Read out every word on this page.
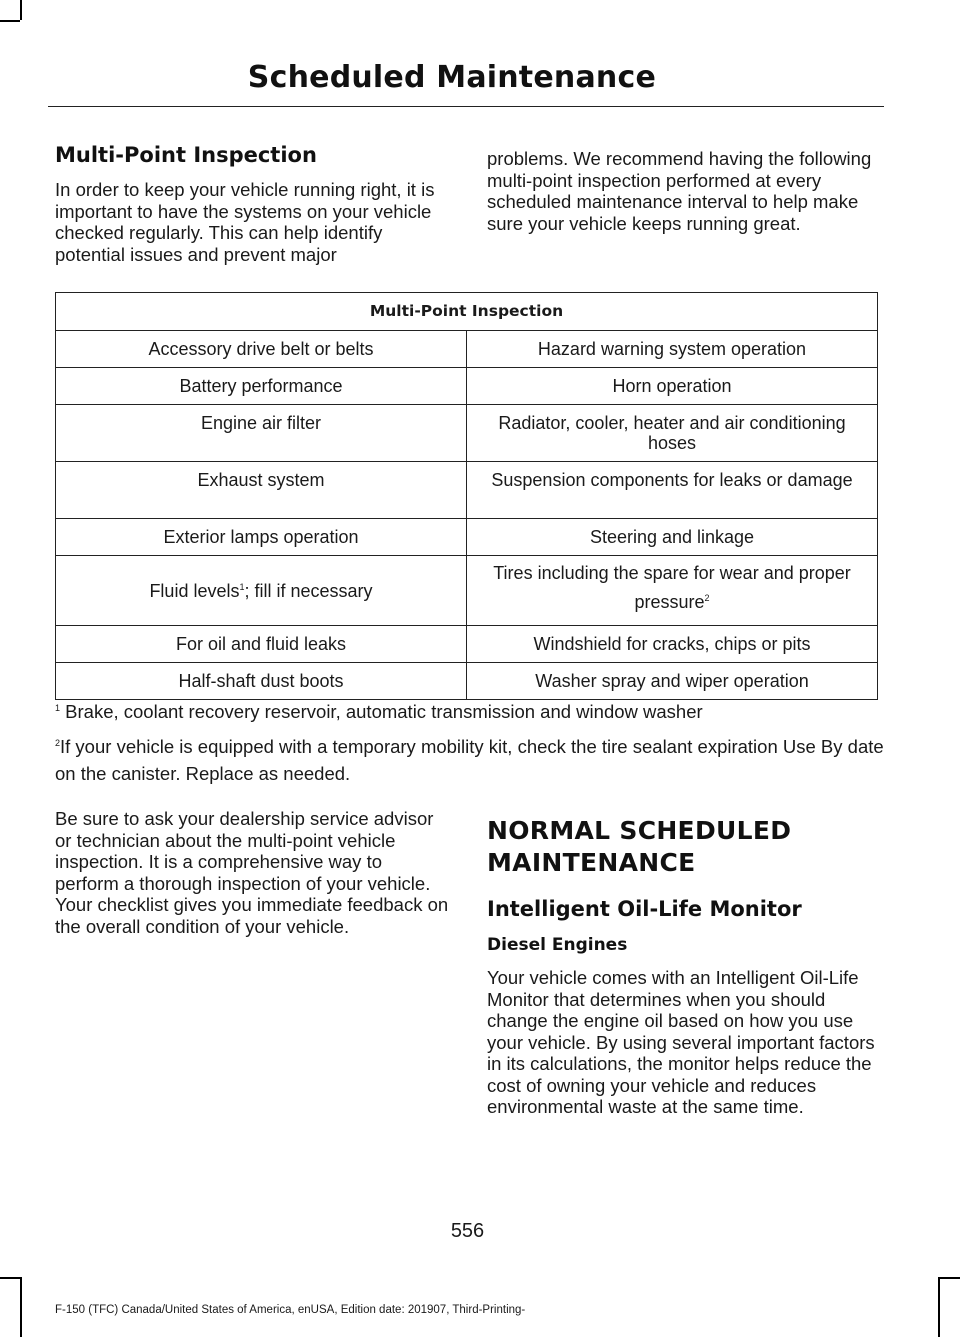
Scheduled Maintenance
Multi-Point Inspection

In order to keep your vehicle running right, it is important to have the systems on your vehicle checked regularly. This can help identify potential issues and prevent major

problems. We recommend having the following multi-point inspection performed at every scheduled maintenance interval to help make sure your vehicle keeps running great.

Multi-Point Inspection	
Accessory drive belt or belts	Hazard warning system operation
Battery performance	Horn operation
Engine air filter	Radiator, cooler, heater and air conditioning hoses
Exhaust system	Suspension components for leaks or damage
Exterior lamps operation	Steering and linkage
Fluid levels$^1$; fill if necessary	Tires including the spare for wear and proper pressure$^2$
For oil and fluid leaks	Windshield for cracks, chips or pits
Half-shaft dust boots	Washer spray and wiper operation
$^1$ Brake, coolant recovery reservoir, automatic transmission and window washer
$^2$If your vehicle is equipped with a temporary mobility kit, check the tire sealant expiration Use By date on the canister. Replace as needed.

Be sure to ask your dealership service advisor or technician about the multi-point vehicle inspection. It is a comprehensive way to perform a thorough inspection of your vehicle. Your checklist gives you immediate feedback on the overall condition of your vehicle.

NORMAL SCHEDULED MAINTENANCE
Intelligent Oil-Life Monitor
Diesel Engines

Your vehicle comes with an Intelligent Oil-Life Monitor that determines when you should change the engine oil based on how you use your vehicle. By using several important factors in its calculations, the monitor helps reduce the cost of owning your vehicle and reduces environmental waste at the same time.

556
F-150 (TFC) Canada/United States of America, enUSA, Edition date: 201907, Third-Printing-
